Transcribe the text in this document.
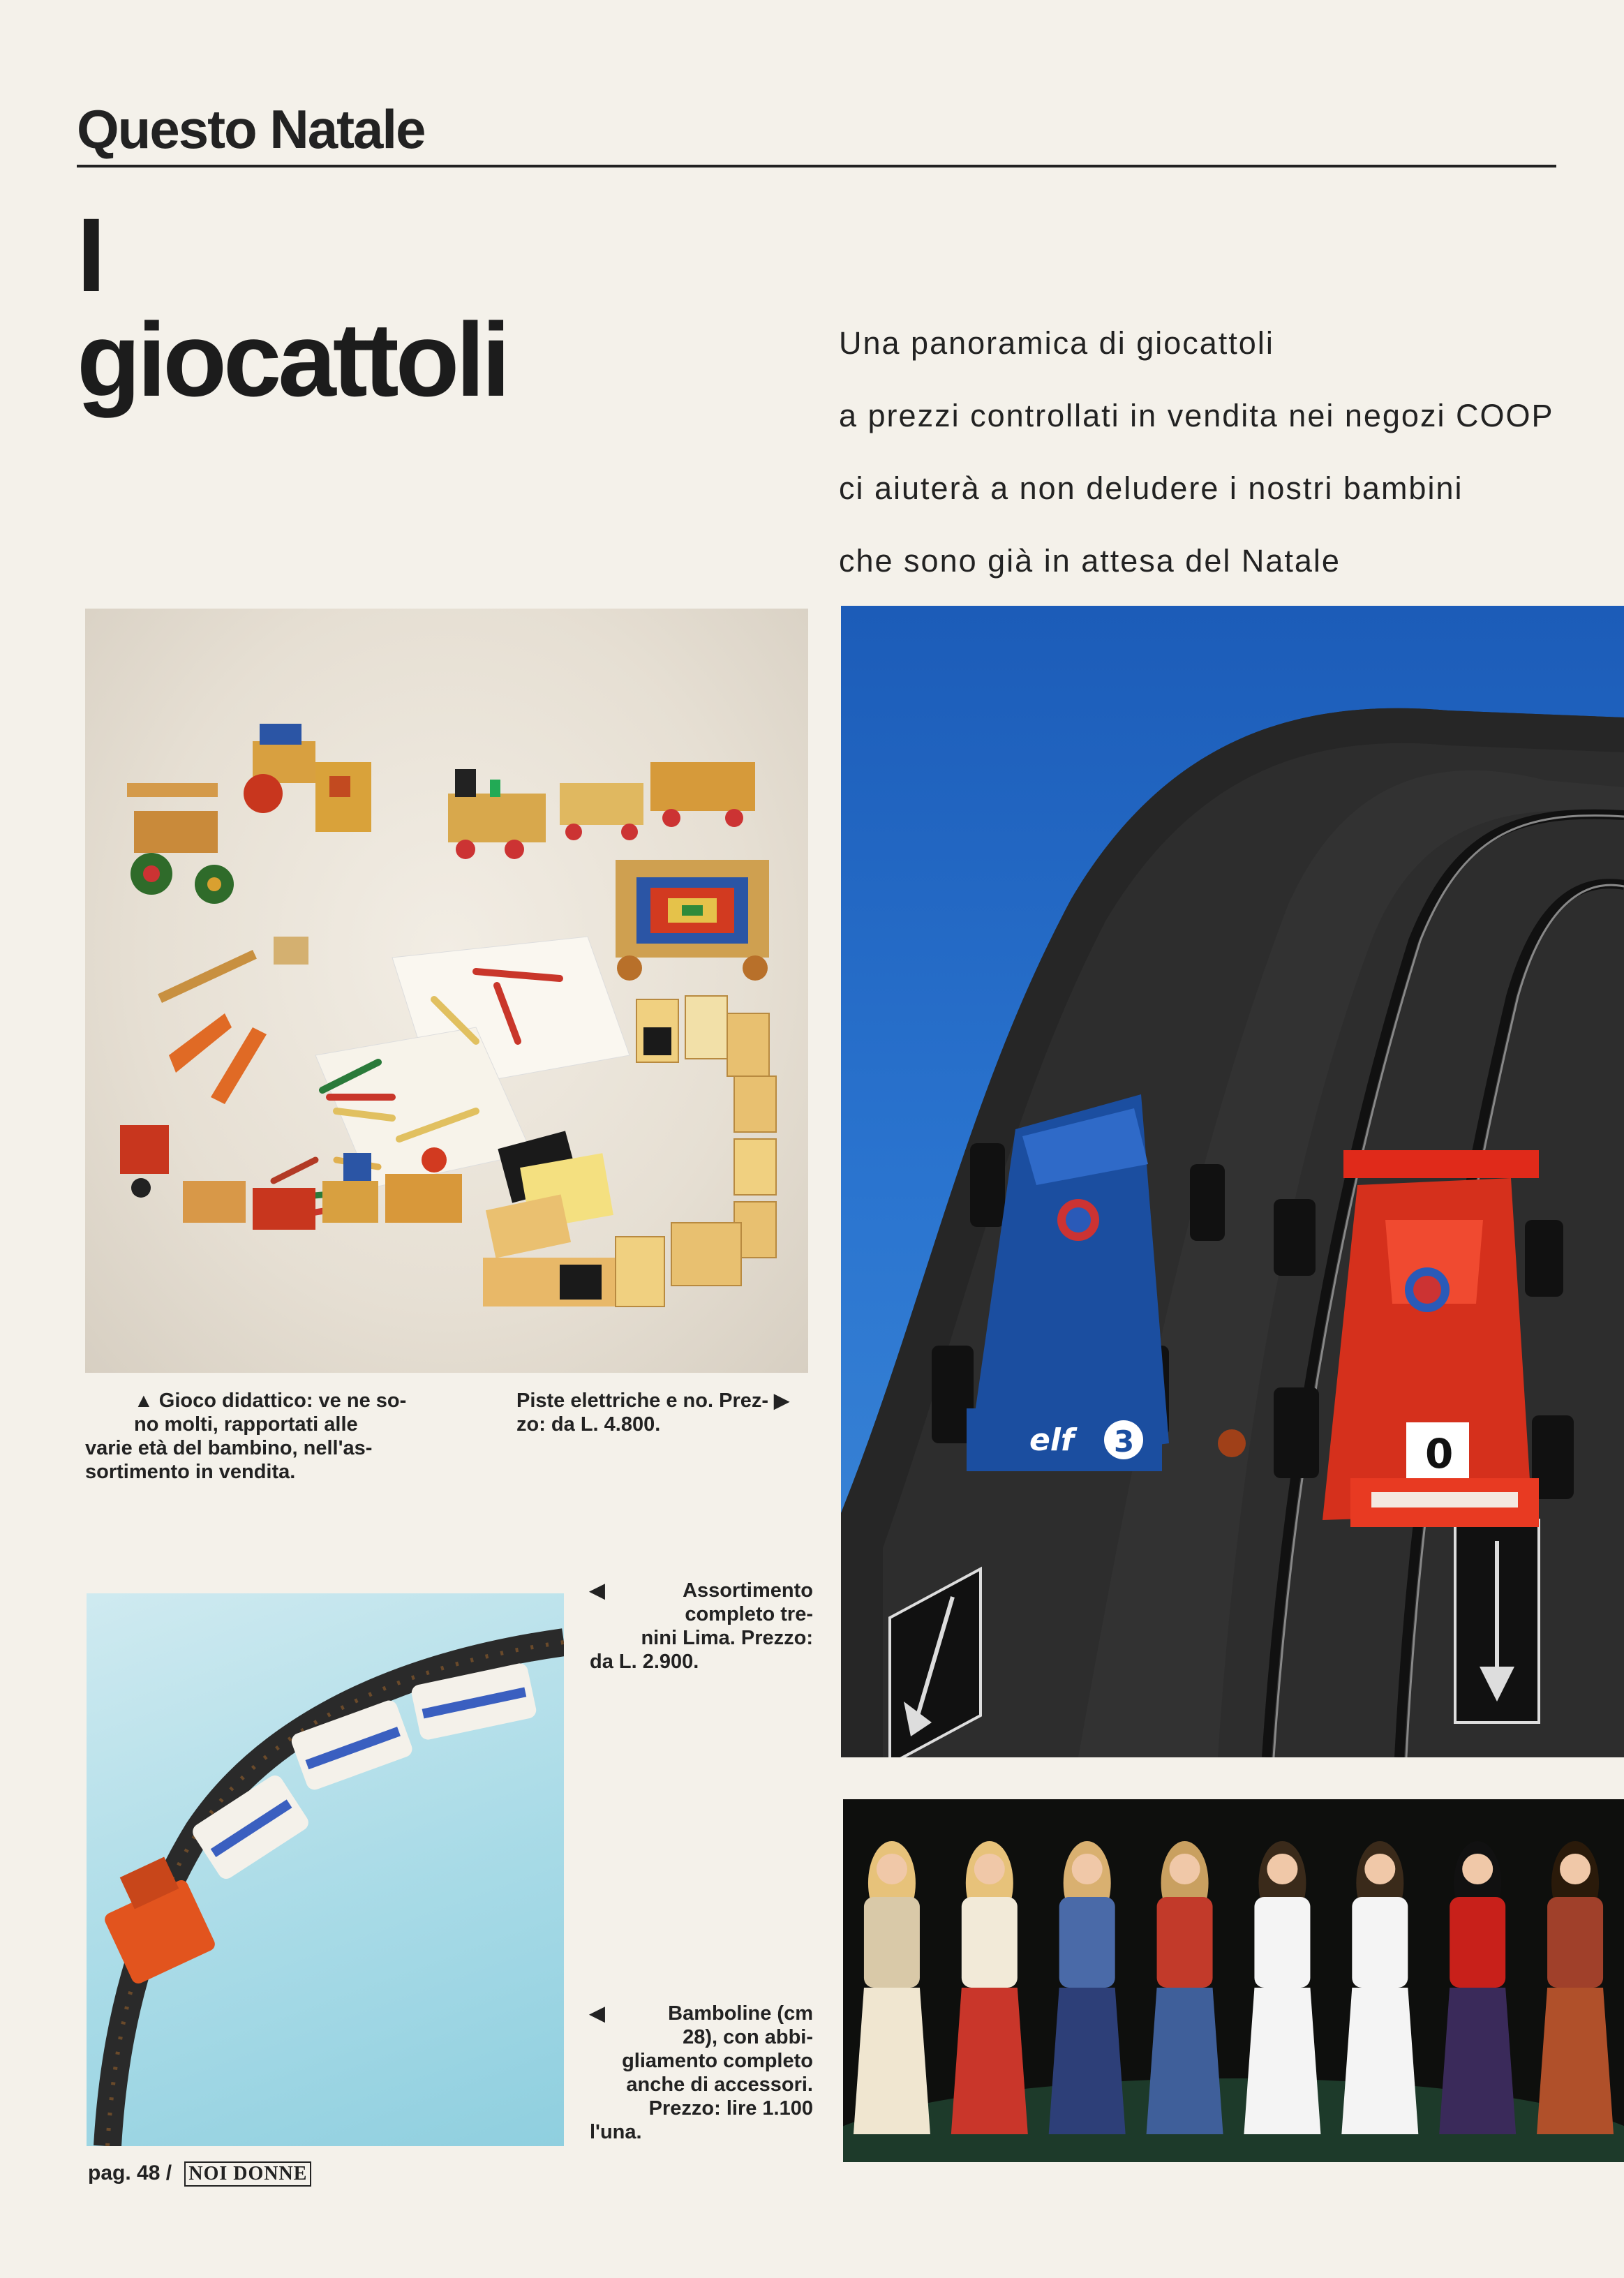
Questo Natale
I
giocattoli	Una panoramica di giocattoli
a prezzi controllati in vendita nei negozi COOP
ci aiuterà a non deludere i nostri bambini
che sono già in attesa del Natale
elf 3	0
▲ Gioco didattico: ve ne so-
no molti, rapportati alle
varie età del bambino, nell'as-
sortimento in vendita.
Piste elettriche e no. Prez- ▶
zo: da L. 4.800.
◀	Assortimento
completo tre-
nini Lima. Prezzo:
da L. 2.900.
◀	Bamboline (cm
28), con abbi-
gliamento completo
anche di accessori.
Prezzo: lire 1.100
l'una.
pag. 48 / NOI DONNE
